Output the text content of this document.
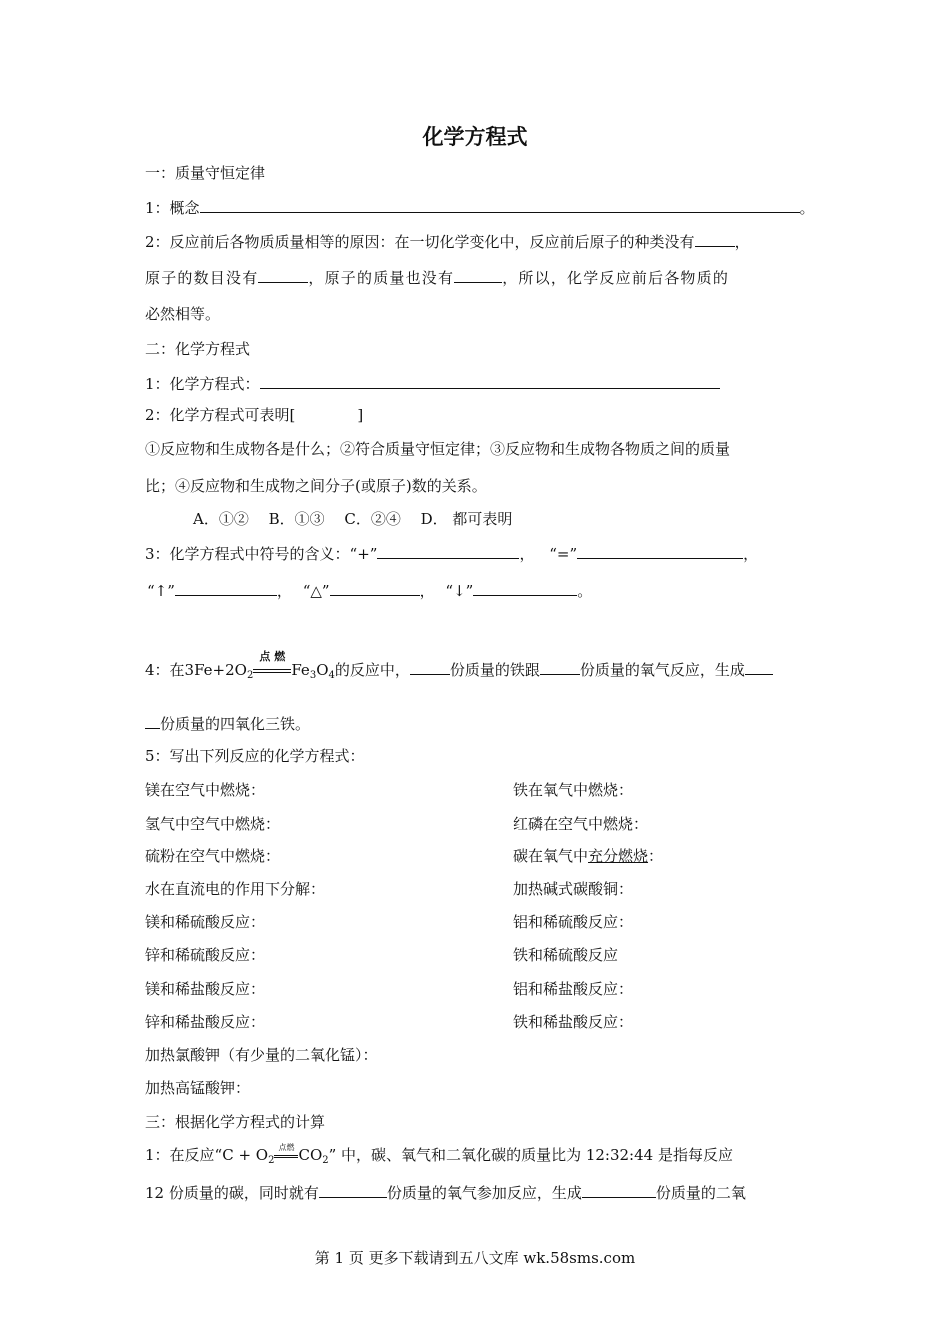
化学方程式
一：质量守恒定律
1：概念	。
2：反应前后各物质质量相等的原因：在一切化学变化中，反应前后原子的种类没有	，
原子的数目没有	，原子的质量也没有	，所以，化学反应前后各物质的
必然相等。
二：化学方程式
1：化学方程式：
2：化学方程式可表明[	]
①反应物和生成物各是什么；②符合质量守恒定律；③反应物和生成物各物质之间的质量
比；④反应物和生成物之间分子(或原子)数的关系。
A．①②　 B．①③　 C．②④　 D． 都可表明
3：化学方程式中符号的含义：“+”	， “=”	，
“↑”	， “△”	， “↓”	。
4：在$3Fe+2O_2$
点 燃
$Fe_3O_4$的反应中，	份质量的铁跟	份质量的氧气反应，生成
份质量的四氧化三铁。
5：写出下列反应的化学方程式：
镁在空气中燃烧：	铁在氧气中燃烧：
氢气中空气中燃烧：	红磷在空气中燃烧：
硫粉在空气中燃烧：	碳在氧气中充分燃烧：
水在直流电的作用下分解：	加热碱式碳酸铜：
镁和稀硫酸反应：	铝和稀硫酸反应：
锌和稀硫酸反应：	铁和稀硫酸反应
镁和稀盐酸反应：	铝和稀盐酸反应：
锌和稀盐酸反应：	铁和稀盐酸反应：
加热氯酸钾（有少量的二氧化锰）：
加热高锰酸钾：
三：根据化学方程式的计算
1：在反应“$C + O_2$
点燃 $CO_2$” 中，碳、氧气和二氧化碳的质量比为 12:32:44 是指每反应
12 份质量的碳，同时就有	份质量的氧气参加反应，生成	份质量的二氧
第 1 页 更多下载请到五八文库 wk.58sms.com
